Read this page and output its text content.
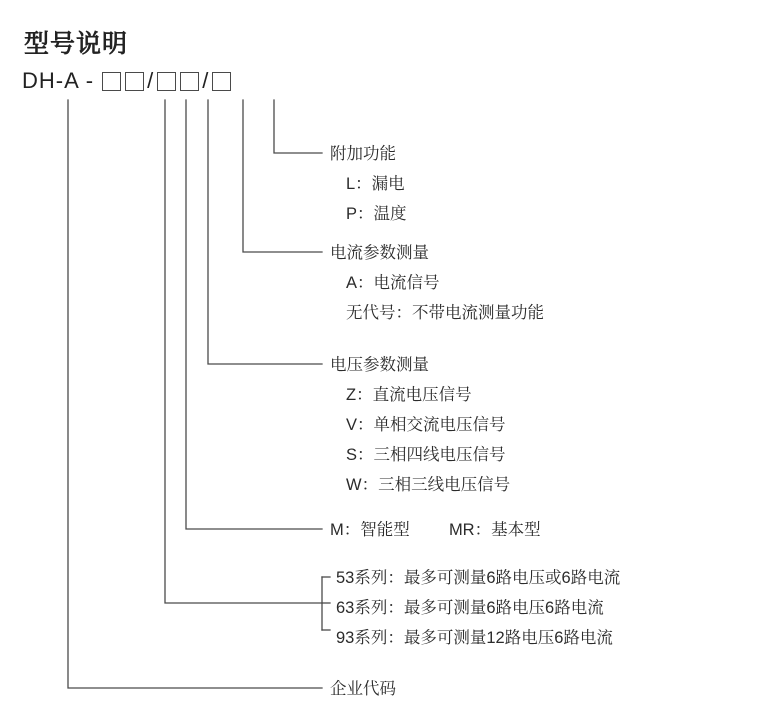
型号说明
DH-A - / /
附加功能
L：漏电
P：温度
电流参数测量
A：电流信号
无代号：不带电流测量功能
电压参数测量
Z：直流电压信号
V：单相交流电压信号
S：三相四线电压信号
W：三相三线电压信号
M：智能型 MR：基本型
53系列：最多可测量6路电压或6路电流
63系列：最多可测量6路电压6路电流
93系列：最多可测量12路电压6路电流
企业代码
